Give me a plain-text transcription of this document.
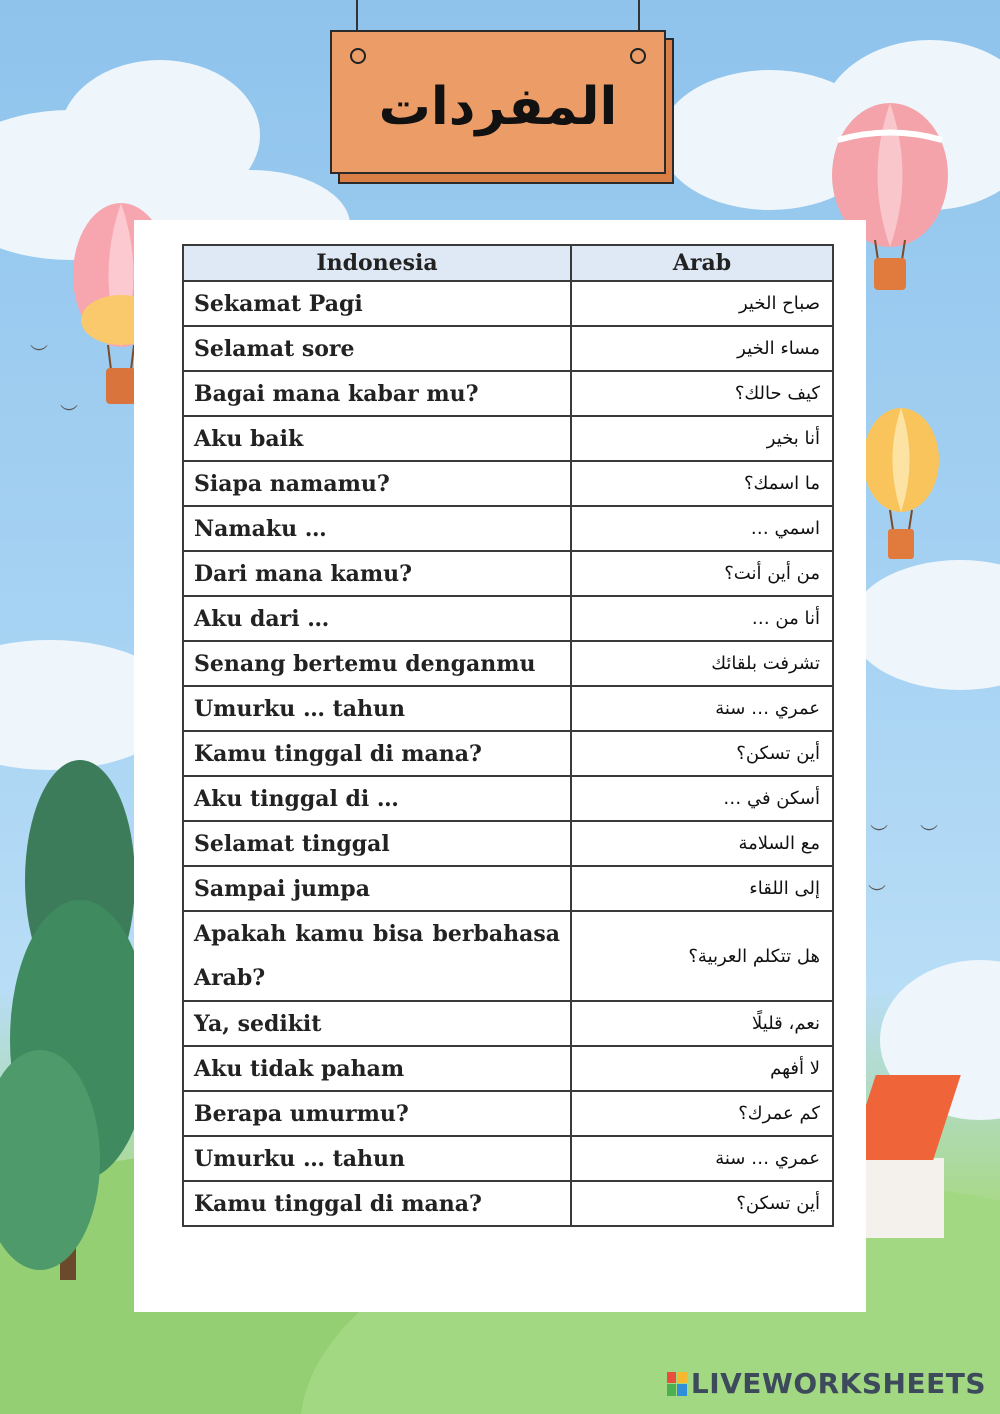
︶
︶
︶ ︶
︶
المفردات
Indonesia	Arab
Sekamat Pagi	صباح الخير
Selamat sore	مساء الخير
Bagai mana kabar mu?	كيف حالك؟
Aku baik	أنا بخير
Siapa namamu?	ما اسمك؟
Namaku …	اسمي …
Dari mana kamu?	من أين أنت؟
Aku dari …	أنا من …
Senang bertemu denganmu	تشرفت بلقائك
Umurku … tahun	عمري … سنة
Kamu tinggal di mana?	أين تسكن؟
Aku tinggal di …	أسكن في …
Selamat tinggal	مع السلامة
Sampai jumpa	إلى اللقاء
Apakah kamu bisa berbahasa Arab?	هل تتكلم العربية؟
Ya, sedikit	نعم، قليلًا
Aku tidak paham	لا أفهم
Berapa umurmu?	كم عمرك؟
Umurku … tahun	عمري … سنة
Kamu tinggal di mana?	أين تسكن؟
LIVEWORKSHEETS
